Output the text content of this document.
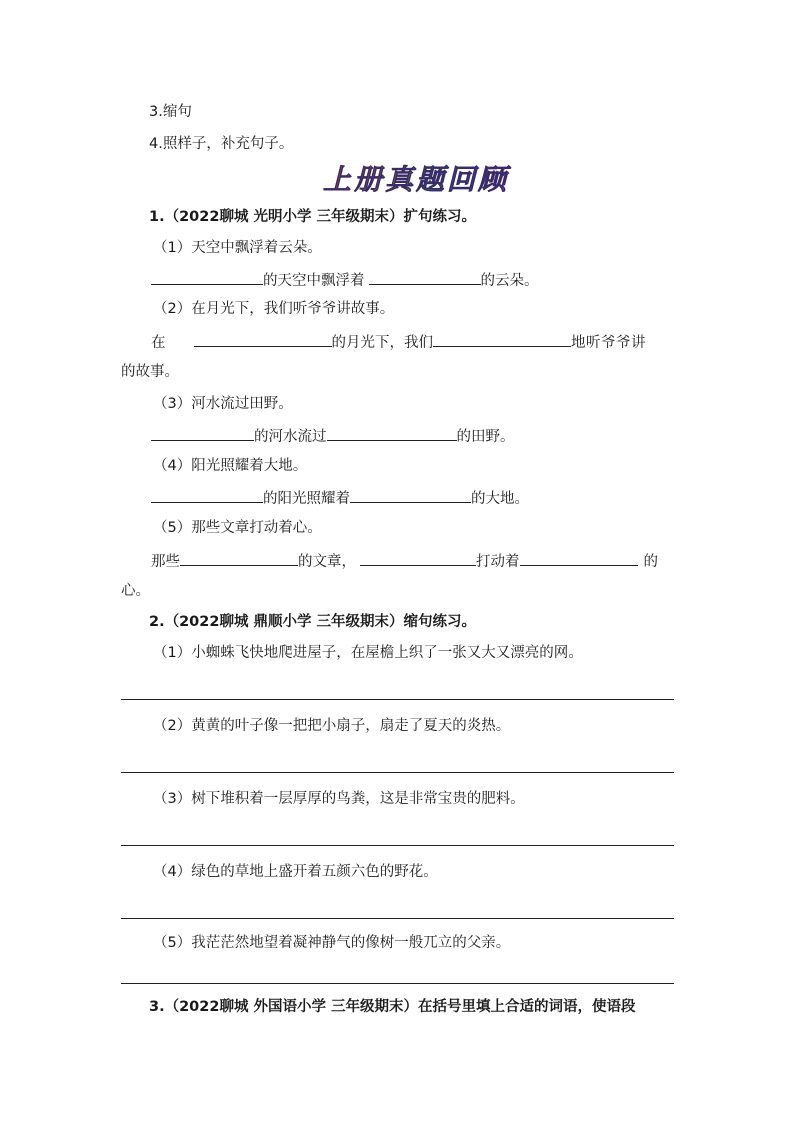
3.缩句
4.照样子，补充句子。
上册真题回顾
1.（2022聊城 光明小学 三年级期末）扩句练习。
（1）天空中飘浮着云朵。
的天空中飘浮着	的云朵。
（2）在月光下，我们听爷爷讲故事。
在	的月光下，我们	地听爷爷讲
的故事。
（3）河水流过田野。
的河水流过	的田野。
（4）阳光照耀着大地。
的阳光照耀着	的大地。
（5）那些文章打动着心。
那些	的文章，	打动着	的
心。
2.（2022聊城 鼎顺小学 三年级期末）缩句练习。
（1）小蜘蛛飞快地爬进屋子，在屋檐上织了一张又大又漂亮的网。
（2）黄黄的叶子像一把把小扇子，扇走了夏天的炎热。
（3）树下堆积着一层厚厚的鸟粪，这是非常宝贵的肥料。
（4）绿色的草地上盛开着五颜六色的野花。
（5）我茫茫然地望着凝神静气的像树一般兀立的父亲。
3.（2022聊城 外国语小学 三年级期末）在括号里填上合适的词语，使语段
